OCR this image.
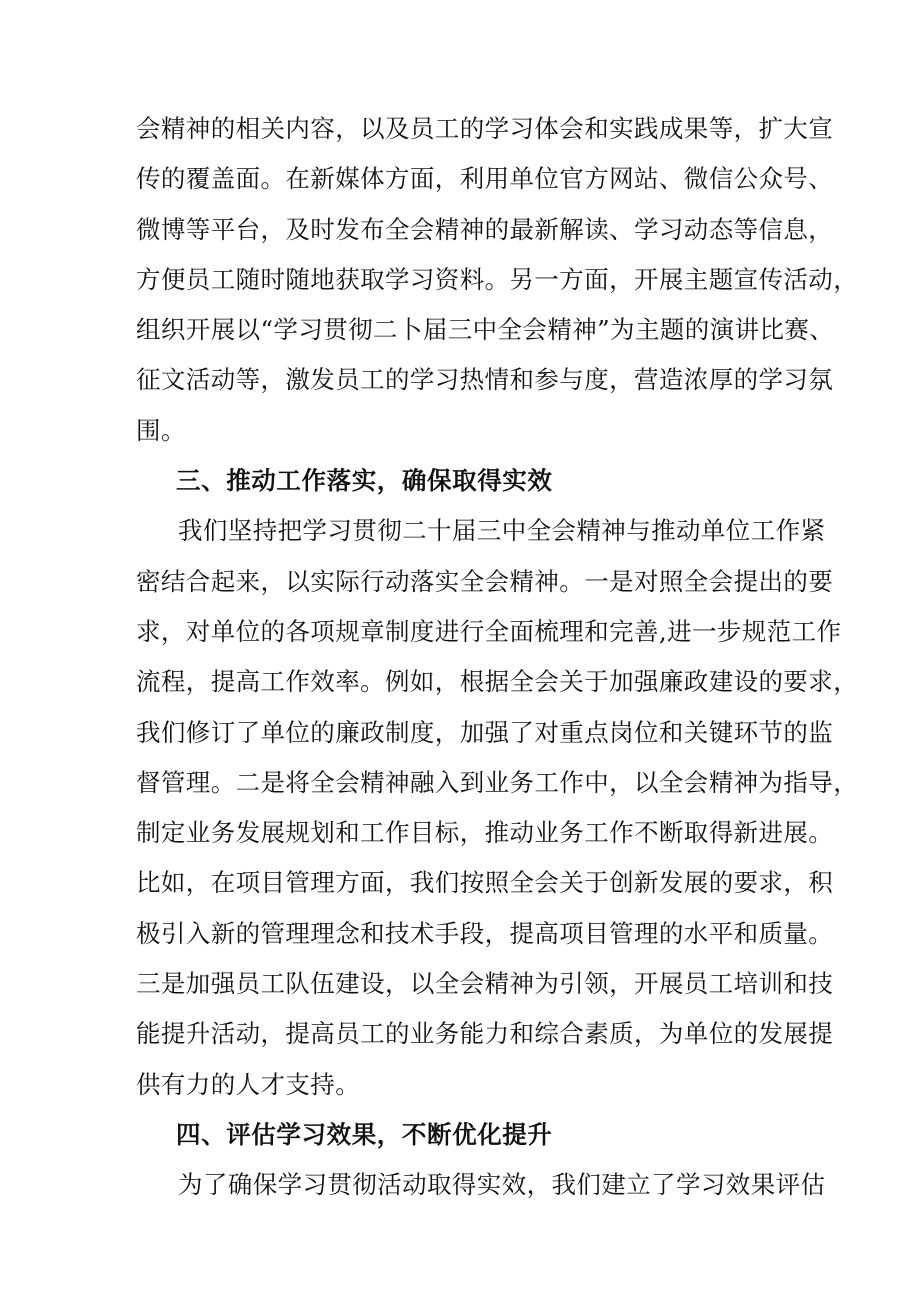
会精神的相关内容，以及员工的学习体会和实践成果等，扩大宣
传的覆盖面。在新媒体方面，利用单位官方网站、微信公众号、
微博等平台，及时发布全会精神的最新解读、学习动态等信息，
方便员工随时随地获取学习资料。另一方面，开展主题宣传活动，
组织开展以“学习贯彻二卜届三中全会精神”为主题的演讲比赛、
征文活动等，激发员工的学习热情和参与度，营造浓厚的学习氛
围。
三、推动工作落实，确保取得实效
我们坚持把学习贯彻二十届三中全会精神与推动单位工作紧
密结合起来，以实际行动落实全会精神。一是对照全会提出的要
求，对单位的各项规章制度进行全面梳理和完善,进一步规范工作
流程，提高工作效率。例如，根据全会关于加强廉政建设的要求，
我们修订了单位的廉政制度，加强了对重点岗位和关键环节的监
督管理。二是将全会精神融入到业务工作中，以全会精神为指导，
制定业务发展规划和工作目标，推动业务工作不断取得新进展。
比如，在项目管理方面，我们按照全会关于创新发展的要求，积
极引入新的管理理念和技术手段，提高项目管理的水平和质量。
三是加强员工队伍建设，以全会精神为引领，开展员工培训和技
能提升活动，提高员工的业务能力和综合素质，为单位的发展提
供有力的人才支持。
四、评估学习效果，不断优化提升
为了确保学习贯彻活动取得实效，我们建立了学习效果评估
